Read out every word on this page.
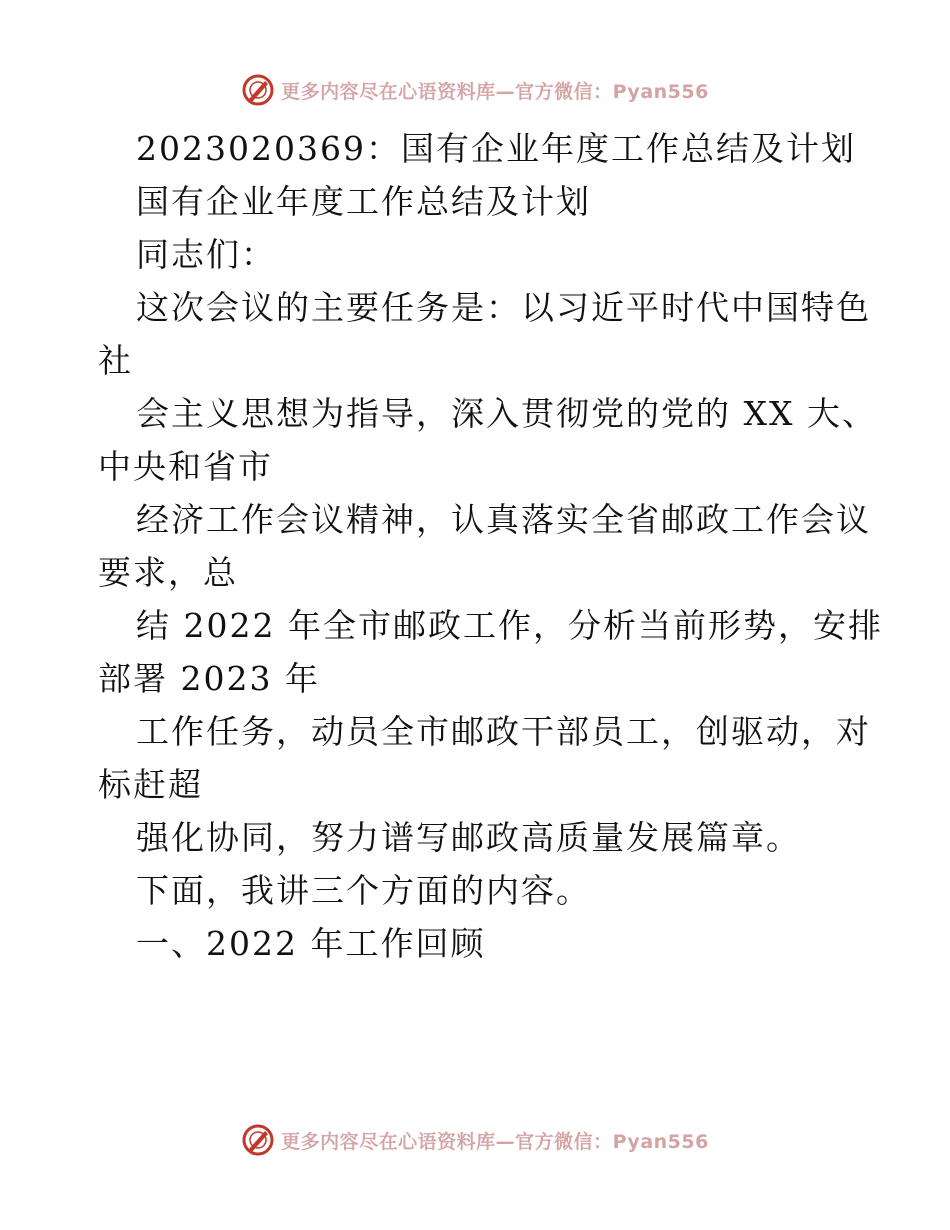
更多内容尽在心语资料库—官方微信：Pyan556
2023020369：国有企业年度工作总结及计划
国有企业年度工作总结及计划
同志们：
这次会议的主要任务是：以习近平时代中国特色
社
会主义思想为指导，深入贯彻党的党的 XX 大、
中央和省市
经济工作会议精神，认真落实全省邮政工作会议
要求，总
结 2022 年全市邮政工作，分析当前形势，安排
部署 2023 年
工作任务，动员全市邮政干部员工，创驱动，对
标赶超
强化协同，努力谱写邮政高质量发展篇章。
下面，我讲三个方面的内容。
一、2022 年工作回顾
更多内容尽在心语资料库—官方微信：Pyan556
